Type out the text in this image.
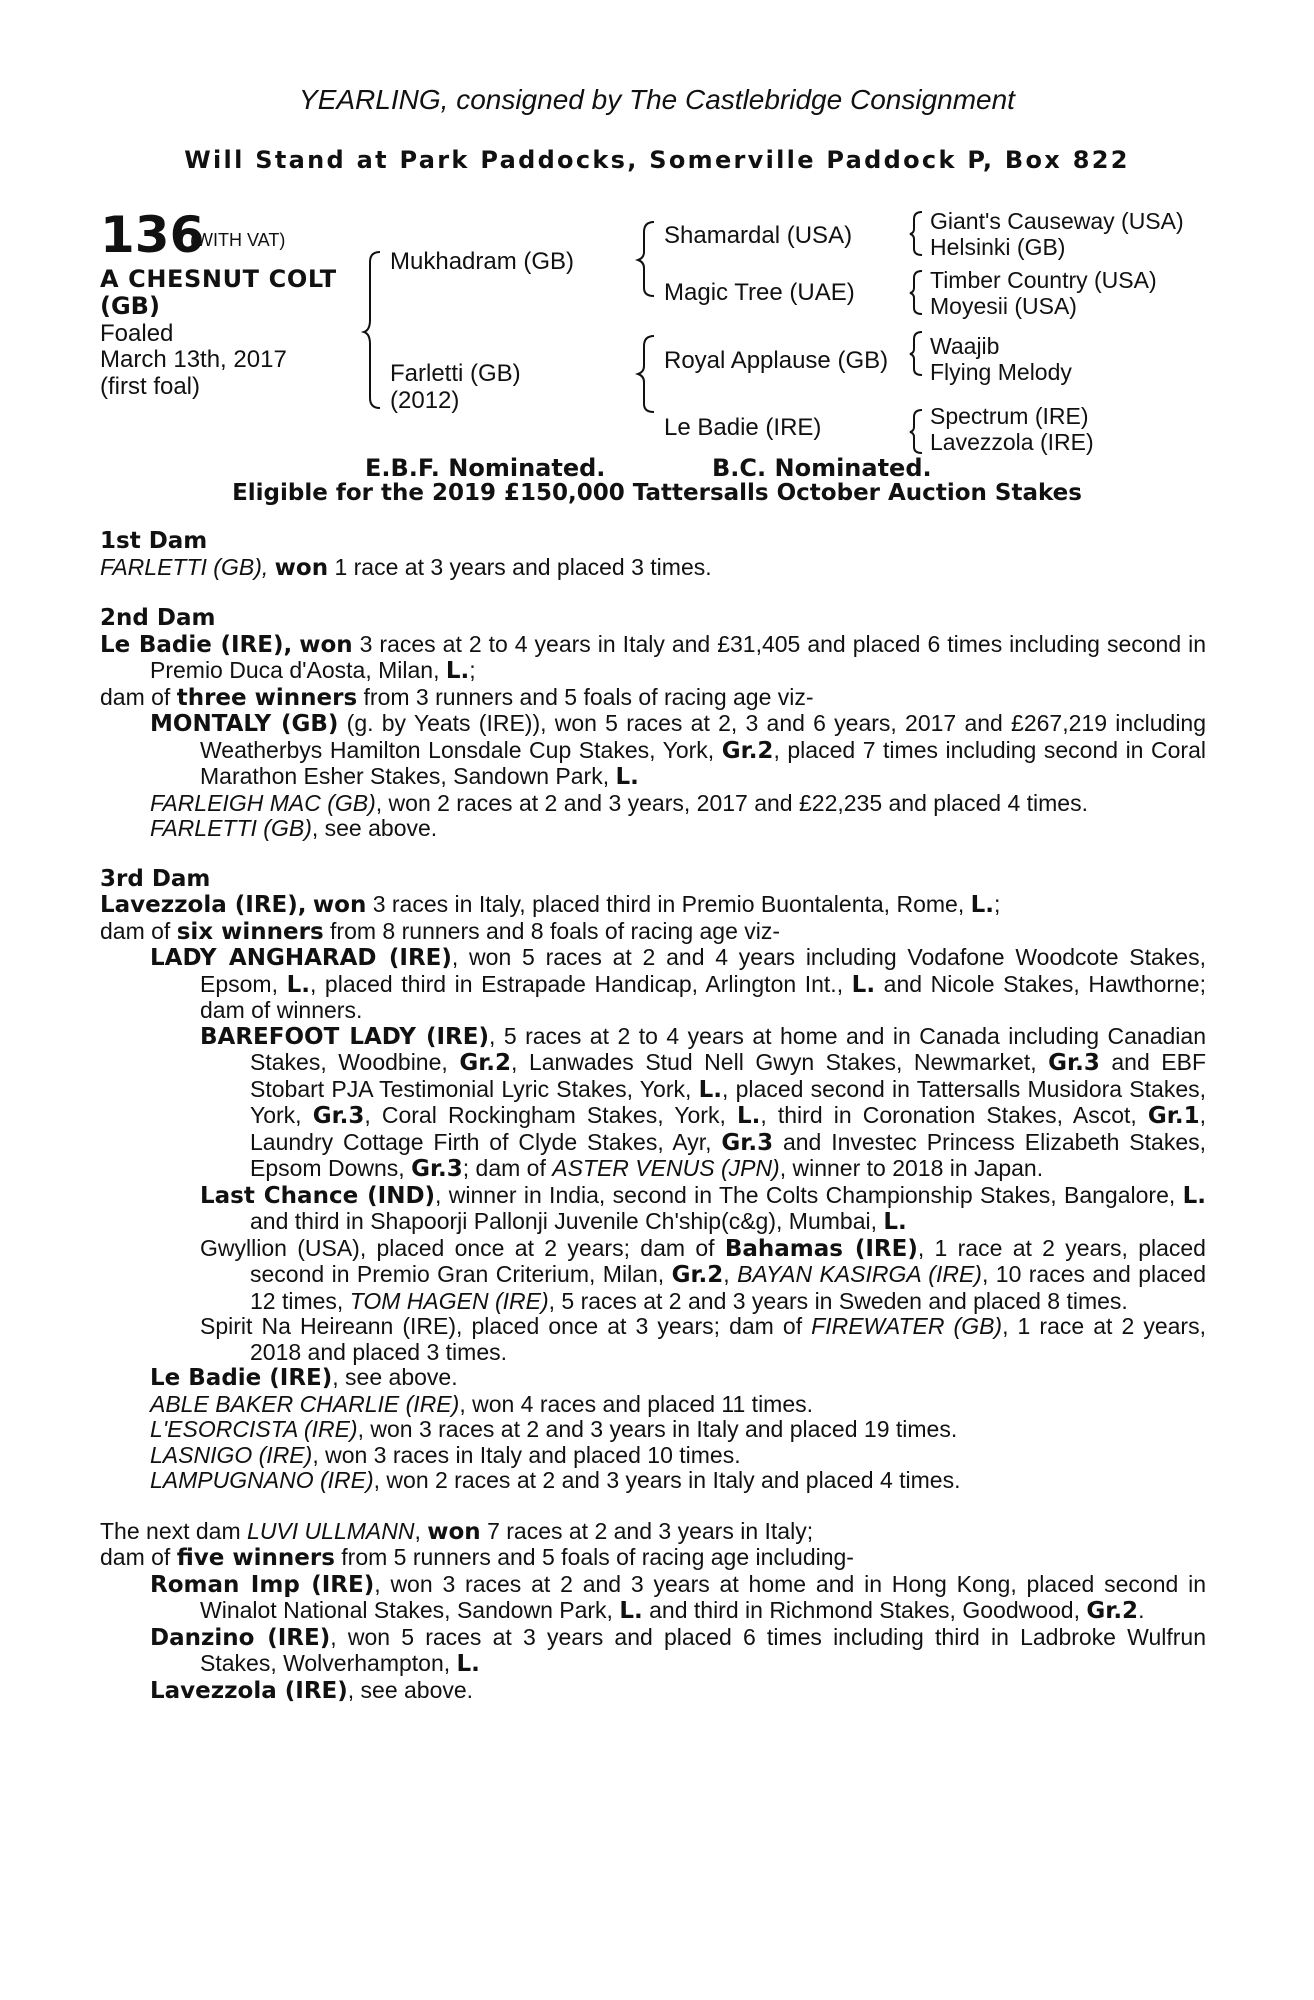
YEARLING, consigned by The Castlebridge Consignment
Will Stand at Park Paddocks, Somerville Paddock P, Box 822
136
(WITH VAT)
A CHESNUT COLT
(GB)
Foaled
March 13th, 2017
(first foal)
Mukhadram (GB)
Farletti (GB)
(2012)
Shamardal (USA)
Magic Tree (UAE)
Royal Applause (GB)
Le Badie (IRE)
Giant's Causeway (USA)
Helsinki (GB)
Timber Country (USA)
Moyesii (USA)
Waajib
Flying Melody
Spectrum (IRE)
Lavezzola (IRE)
E.B.F. Nominated.	B.C. Nominated.
Eligible for the 2019 £150,000 Tattersalls October Auction Stakes
1st Dam
FARLETTI (GB), won 1 race at 3 years and placed 3 times.
2nd Dam
Le Badie (IRE), won 3 races at 2 to 4 years in Italy and £31,405 and placed 6 times including second in Premio Duca d'Aosta, Milan, L.;
dam of three winners from 3 runners and 5 foals of racing age viz-
MONTALY (GB) (g. by Yeats (IRE)), won 5 races at 2, 3 and 6 years, 2017 and £267,219 including Weatherbys Hamilton Lonsdale Cup Stakes, York, Gr.2, placed 7 times including second in Coral Marathon Esher Stakes, Sandown Park, L.
FARLEIGH MAC (GB), won 2 races at 2 and 3 years, 2017 and £22,235 and placed 4 times.
FARLETTI (GB), see above.
3rd Dam
Lavezzola (IRE), won 3 races in Italy, placed third in Premio Buontalenta, Rome, L.;
dam of six winners from 8 runners and 8 foals of racing age viz-
LADY ANGHARAD (IRE), won 5 races at 2 and 4 years including Vodafone Woodcote Stakes, Epsom, L., placed third in Estrapade Handicap, Arlington Int., L. and Nicole Stakes, Hawthorne; dam of winners.
BAREFOOT LADY (IRE), 5 races at 2 to 4 years at home and in Canada including Canadian Stakes, Woodbine, Gr.2, Lanwades Stud Nell Gwyn Stakes, Newmarket, Gr.3 and EBF Stobart PJA Testimonial Lyric Stakes, York, L., placed second in Tattersalls Musidora Stakes, York, Gr.3, Coral Rockingham Stakes, York, L., third in Coronation Stakes, Ascot, Gr.1, Laundry Cottage Firth of Clyde Stakes, Ayr, Gr.3 and Investec Princess Elizabeth Stakes, Epsom Downs, Gr.3; dam of ASTER VENUS (JPN), winner to 2018 in Japan.
Last Chance (IND), winner in India, second in The Colts Championship Stakes, Bangalore, L. and third in Shapoorji Pallonji Juvenile Ch'ship(c&g), Mumbai, L.
Gwyllion (USA), placed once at 2 years; dam of Bahamas (IRE), 1 race at 2 years, placed second in Premio Gran Criterium, Milan, Gr.2, BAYAN KASIRGA (IRE), 10 races and placed 12 times, TOM HAGEN (IRE), 5 races at 2 and 3 years in Sweden and placed 8 times.
Spirit Na Heireann (IRE), placed once at 3 years; dam of FIREWATER (GB), 1 race at 2 years, 2018 and placed 3 times.
Le Badie (IRE), see above.
ABLE BAKER CHARLIE (IRE), won 4 races and placed 11 times.
L'ESORCISTA (IRE), won 3 races at 2 and 3 years in Italy and placed 19 times.
LASNIGO (IRE), won 3 races in Italy and placed 10 times.
LAMPUGNANO (IRE), won 2 races at 2 and 3 years in Italy and placed 4 times.
The next dam LUVI ULLMANN, won 7 races at 2 and 3 years in Italy;
dam of five winners from 5 runners and 5 foals of racing age including-
Roman Imp (IRE), won 3 races at 2 and 3 years at home and in Hong Kong, placed second in Winalot National Stakes, Sandown Park, L. and third in Richmond Stakes, Goodwood, Gr.2.
Danzino (IRE), won 5 races at 3 years and placed 6 times including third in Ladbroke Wulfrun Stakes, Wolverhampton, L.
Lavezzola (IRE), see above.
